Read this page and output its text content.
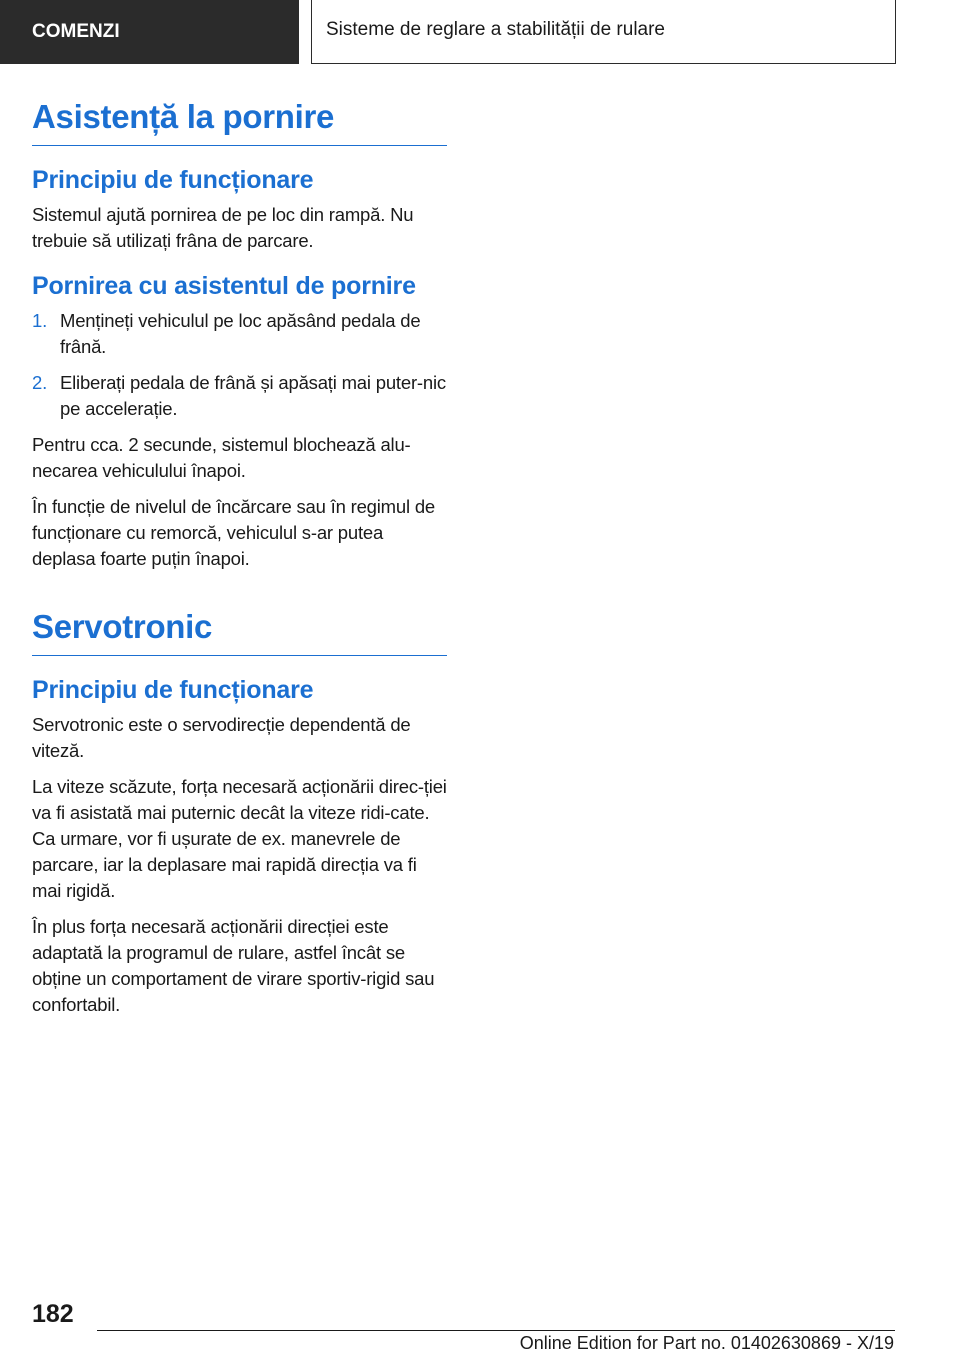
COMENZI	Sisteme de reglare a stabilității de rulare
Asistență la pornire
Principiu de funcționare

Sistemul ajută pornirea de pe loc din rampă. Nu trebuie să utilizați frâna de parcare.

Pornirea cu asistentul de pornire
1. Mențineți vehiculul pe loc apăsând pedala de frână.
2. Eliberați pedala de frână și apăsați mai puter-nic pe accelerație.

Pentru cca. 2 secunde, sistemul blochează alu-necarea vehiculului înapoi.

În funcție de nivelul de încărcare sau în regimul de funcționare cu remorcă, vehiculul s-ar putea deplasa foarte puțin înapoi.

Servotronic
Principiu de funcționare

Servotronic este o servodirecție dependentă de viteză.

La viteze scăzute, forța necesară acționării direc-ției va fi asistată mai puternic decât la viteze ridi-cate. Ca urmare, vor fi ușurate de ex. manevrele de parcare, iar la deplasare mai rapidă direcția va fi mai rigidă.

În plus forța necesară acționării direcției este adaptată la programul de rulare, astfel încât se obține un comportament de virare sportiv-rigid sau confortabil.

182
Online Edition for Part no. 01402630869 - X/19
